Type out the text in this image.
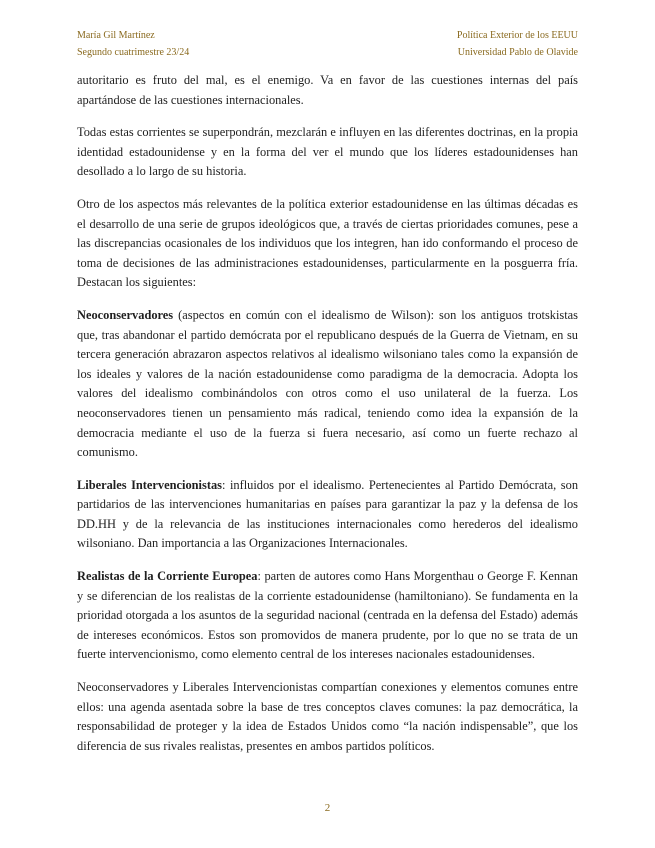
María Gil Martínez	Política Exterior de los EEUU
Segundo cuatrimestre 23/24	Universidad Pablo de Olavide

autoritario es fruto del mal, es el enemigo. Va en favor de las cuestiones internas del país apartándose de las cuestiones internacionales.

Todas estas corrientes se superpondrán, mezclarán e influyen en las diferentes doctrinas, en la propia identidad estadounidense y en la forma del ver el mundo que los líderes estadounidenses han desollado a lo largo de su historia.

Otro de los aspectos más relevantes de la política exterior estadounidense en las últimas décadas es el desarrollo de una serie de grupos ideológicos que, a través de ciertas prioridades comunes, pese a las discrepancias ocasionales de los individuos que los integren, han ido conformando el proceso de toma de decisiones de las administraciones estadounidenses, particularmente en la posguerra fría. Destacan los siguientes:

Neoconservadores (aspectos en común con el idealismo de Wilson): son los antiguos trotskistas que, tras abandonar el partido demócrata por el republicano después de la Guerra de Vietnam, en su tercera generación abrazaron aspectos relativos al idealismo wilsoniano tales como la expansión de los ideales y valores de la nación estadounidense como paradigma de la democracia. Adopta los valores del idealismo combinándolos con otros como el uso unilateral de la fuerza. Los neoconservadores tienen un pensamiento más radical, teniendo como idea la expansión de la democracia mediante el uso de la fuerza si fuera necesario, así como un fuerte rechazo al comunismo.

Liberales Intervencionistas: influidos por el idealismo. Pertenecientes al Partido Demócrata, son partidarios de las intervenciones humanitarias en países para garantizar la paz y la defensa de los DD.HH y de la relevancia de las instituciones internacionales como herederos del idealismo wilsoniano. Dan importancia a las Organizaciones Internacionales.

Realistas de la Corriente Europea: parten de autores como Hans Morgenthau o George F. Kennan y se diferencian de los realistas de la corriente estadounidense (hamiltoniano). Se fundamenta en la prioridad otorgada a los asuntos de la seguridad nacional (centrada en la defensa del Estado) además de intereses económicos. Estos son promovidos de manera prudente, por lo que no se trata de un fuerte intervencionismo, como elemento central de los intereses nacionales estadounidenses.

Neoconservadores y Liberales Intervencionistas compartían conexiones y elementos comunes entre ellos: una agenda asentada sobre la base de tres conceptos claves comunes: la paz democrática, la responsabilidad de proteger y la idea de Estados Unidos como “la nación indispensable”, que los diferencia de sus rivales realistas, presentes en ambos partidos políticos.

2
